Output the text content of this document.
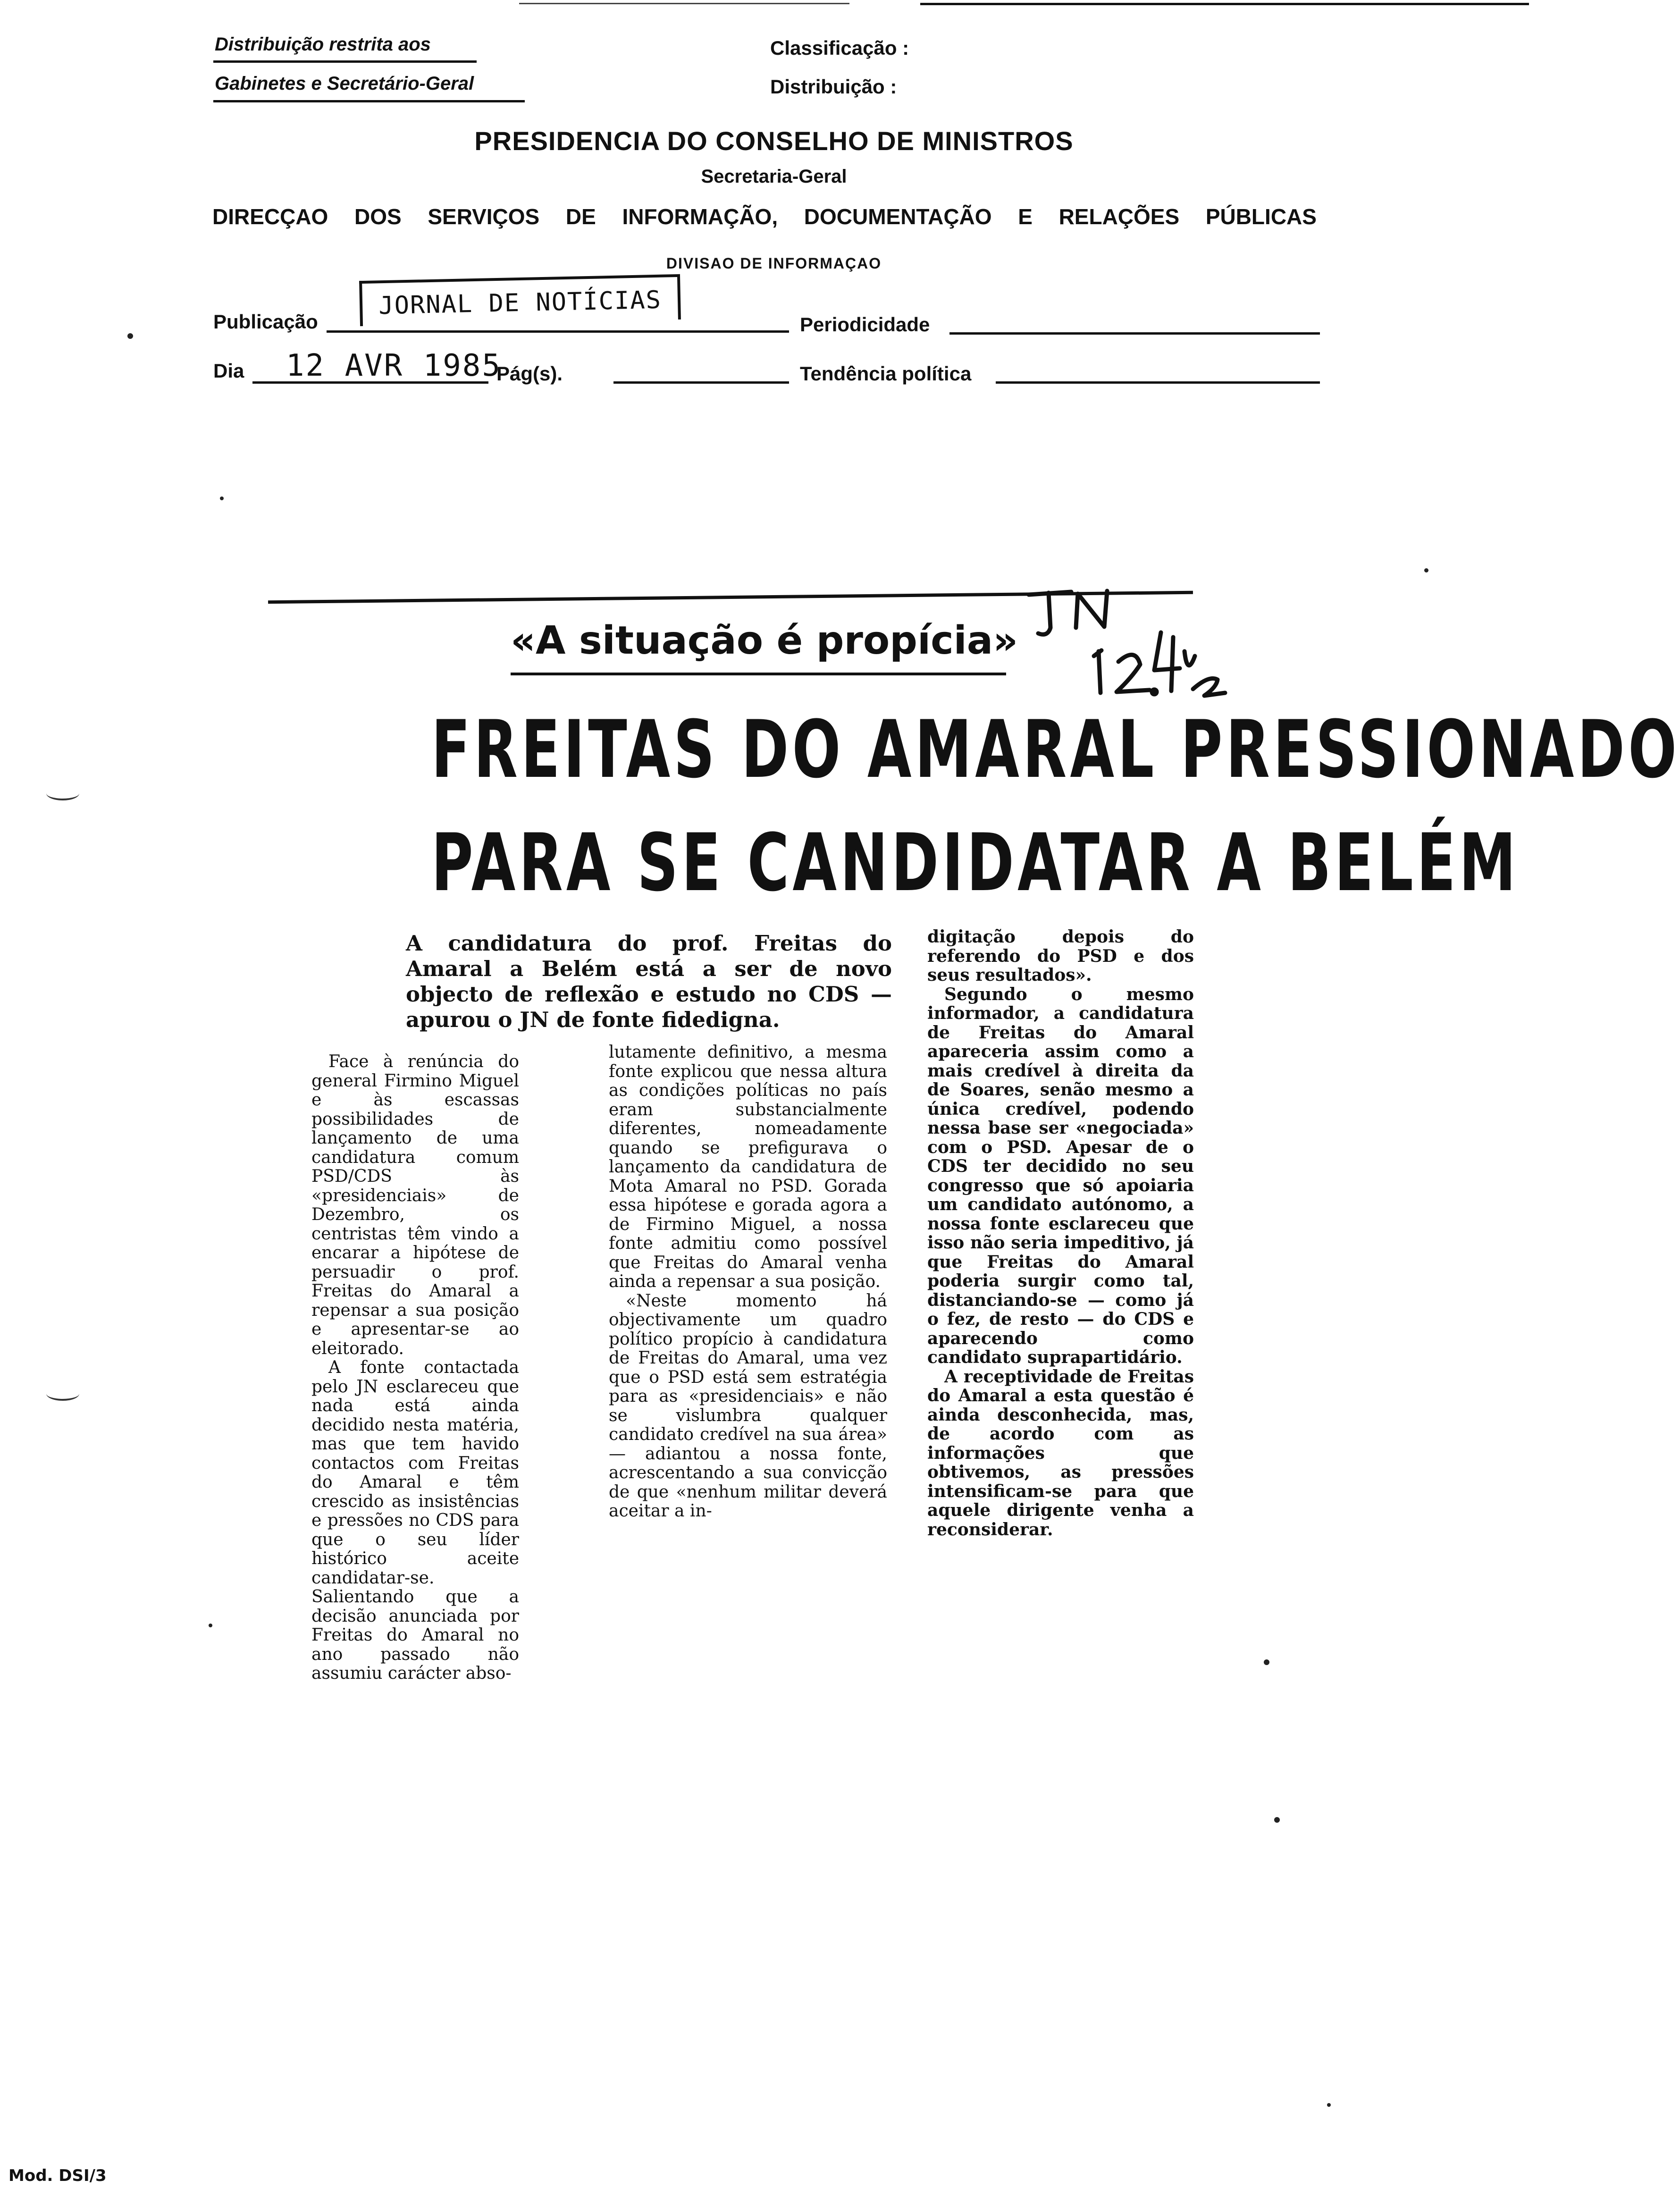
Distribuição restrita aos
Gabinetes e Secretário-Geral
Classificação :
Distribuição :
PRESIDENCIA DO CONSELHO DE MINISTROS
Secretaria-Geral
DIRECÇAO DOS SERVIÇOS DE INFORMAÇÃO, DOCUMENTAÇÃO E RELAÇÕES PÚBLICAS
DIVISAO DE INFORMAÇAO
Publicação
JORNAL DE NOTÍCIAS
Periodicidade
Dia 12 AVR 1985
Pág(s).	Tendência política
«A situação é propícia»
FREITAS DO AMARAL PRESSIONADO
PARA SE CANDIDATAR A BELÉM
A candidatura do prof. Freitas do Amaral a Belém está a ser de novo objecto de reflexão e estudo no CDS — apurou o JN de fonte fidedigna.

Face à renúncia do general Firmino Miguel e às escassas possibilidades de lançamento de uma candidatura comum PSD/CDS às «presidenciais» de Dezembro, os centristas têm vindo a encarar a hipótese de persuadir o prof. Freitas do Amaral a repensar a sua posição e apresentar-se ao eleitorado.

A fonte contactada pelo JN esclareceu que nada está ainda decidido nesta matéria, mas que tem havido contactos com Freitas do Amaral e têm crescido as insistências e pressões no CDS para que o seu líder histórico aceite candidatar-se. Salientando que a decisão anunciada por Freitas do Amaral no ano passado não assumiu carácter abso-

lutamente definitivo, a mesma fonte explicou que nessa altura as condições políticas no país eram substancialmente diferentes, nomeadamente quando se prefigurava o lançamento da candidatura de Mota Amaral no PSD. Gorada essa hipótese e gorada agora a de Firmino Miguel, a nossa fonte admitiu como possível que Freitas do Amaral venha ainda a repensar a sua posição.

«Neste momento há objectivamente um quadro político propício à candidatura de Freitas do Amaral, uma vez que o PSD está sem estratégia para as «presidenciais» e não se vislumbra qualquer candidato credível na sua área» — adiantou a nossa fonte, acrescentando a sua convicção de que «nenhum militar deverá aceitar a in-

digitação depois do referendo do PSD e dos seus resultados».

Segundo o mesmo informador, a candidatura de Freitas do Amaral apareceria assim como a mais credível à direita da de Soares, senão mesmo a única credível, podendo nessa base ser «negociada» com o PSD. Apesar de o CDS ter decidido no seu congresso que só apoiaria um candidato autónomo, a nossa fonte esclareceu que isso não seria impeditivo, já que Freitas do Amaral poderia surgir como tal, distanciando-se — como já o fez, de resto — do CDS e aparecendo como candidato suprapartidário.

A receptividade de Freitas do Amaral a esta questão é ainda desconhecida, mas, de acordo com as informações que obtivemos, as pressões intensificam-se para que aquele dirigente venha a reconsiderar.

Mod. DSI/3
